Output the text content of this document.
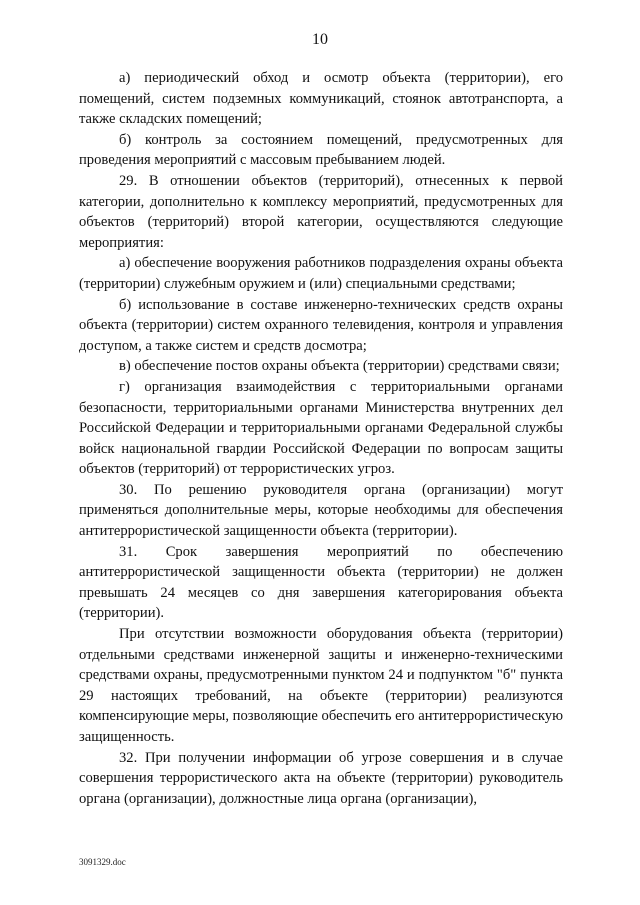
10

а) периодический обход и осмотр объекта (территории), его помещений, систем подземных коммуникаций, стоянок автотранспорта, а также складских помещений;

б) контроль за состоянием помещений, предусмотренных для проведения мероприятий с массовым пребыванием людей.

29. В отношении объектов (территорий), отнесенных к первой категории, дополнительно к комплексу мероприятий, предусмотренных для объектов (территорий) второй категории, осуществляются следующие мероприятия:

а) обеспечение вооружения работников подразделения охраны объекта (территории) служебным оружием и (или) специальными средствами;

б) использование в составе инженерно-технических средств охраны объекта (территории) систем охранного телевидения, контроля и управления доступом, а также систем и средств досмотра;

в) обеспечение постов охраны объекта (территории) средствами связи;

г) организация взаимодействия с территориальными органами безопасности, территориальными органами Министерства внутренних дел Российской Федерации и территориальными органами Федеральной службы войск национальной гвардии Российской Федерации по вопросам защиты объектов (территорий) от террористических угроз.

30. По решению руководителя органа (организации) могут применяться дополнительные меры, которые необходимы для обеспечения антитеррористической защищенности объекта (территории).

31. Срок завершения мероприятий по обеспечению антитеррористической защищенности объекта (территории) не должен превышать 24 месяцев со дня завершения категорирования объекта (территории).

При отсутствии возможности оборудования объекта (территории) отдельными средствами инженерной защиты и инженерно-техническими средствами охраны, предусмотренными пунктом 24 и подпунктом "б" пункта 29 настоящих требований, на объекте (территории) реализуются компенсирующие меры, позволяющие обеспечить его антитеррористическую защищенность.

32. При получении информации об угрозе совершения и в случае совершения террористического акта на объекте (территории) руководитель органа (организации), должностные лица органа (организации),

3091329.doc
